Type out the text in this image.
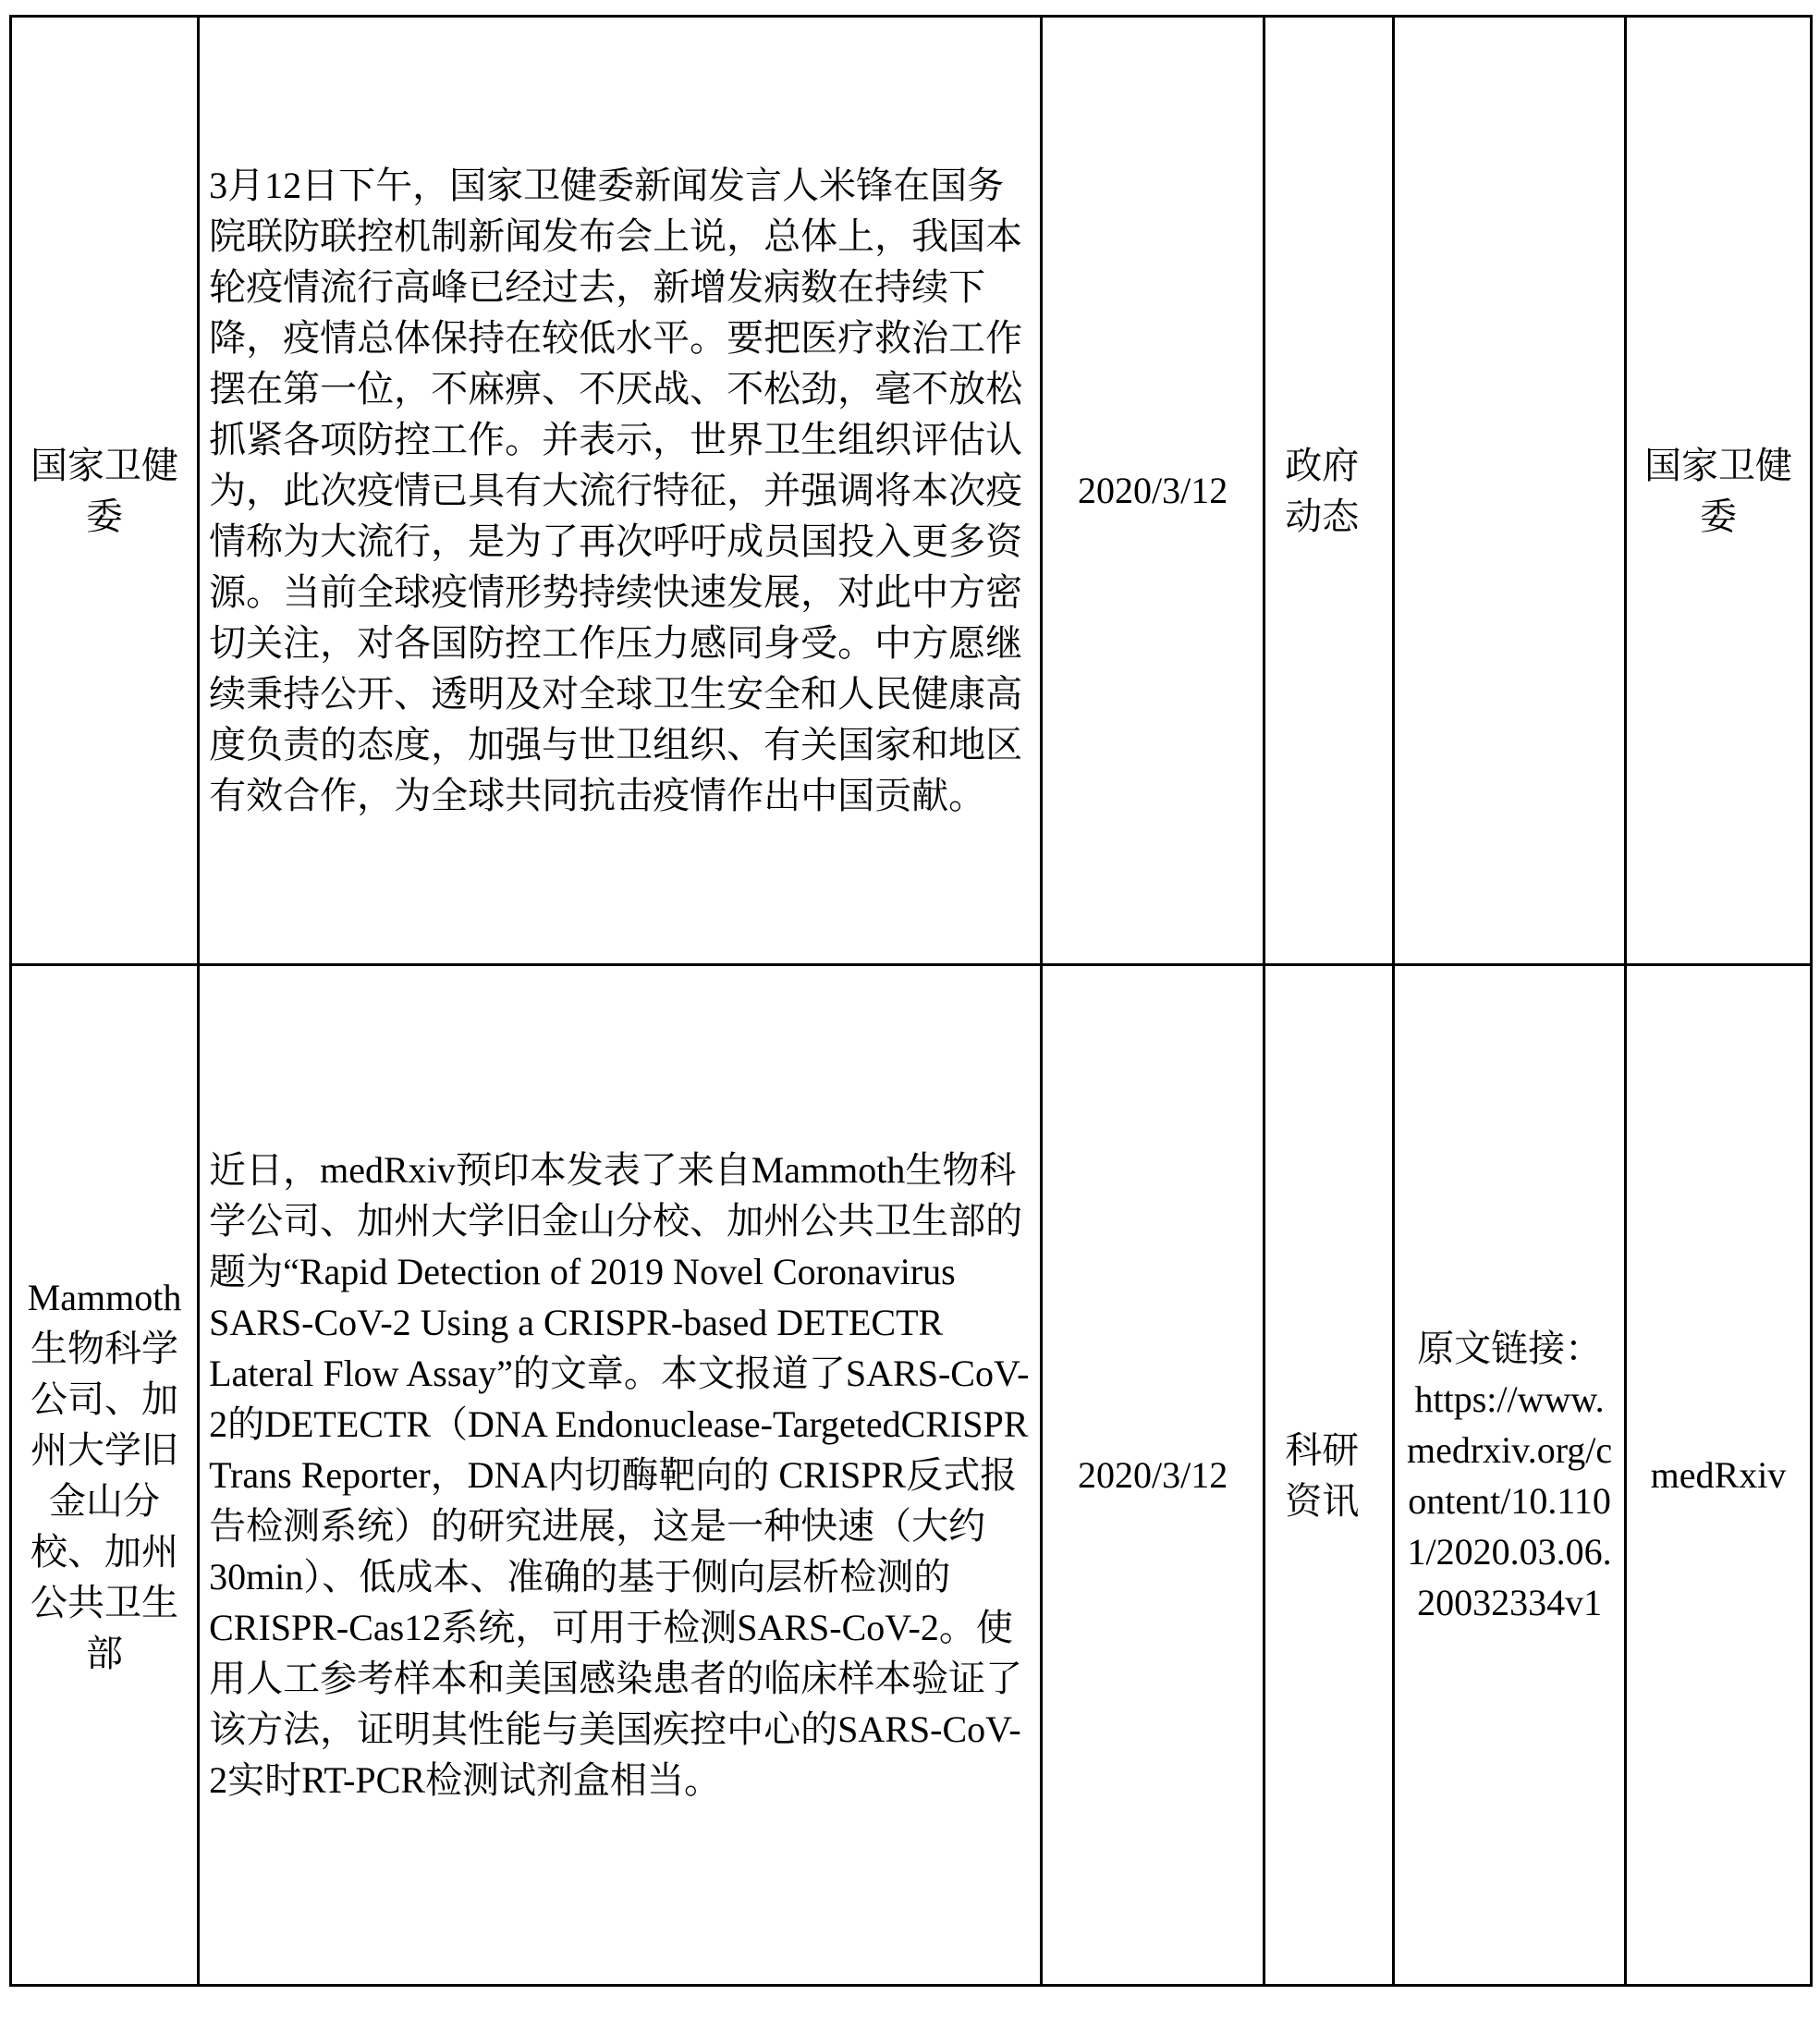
国家卫健委	3月12日下午，国家卫健委新闻发言人米锋在国务院联防联控机制新闻发布会上说，总体上，我国本轮疫情流行高峰已经过去，新增发病数在持续下降，疫情总体保持在较低水平。要把医疗救治工作摆在第一位，不麻痹、不厌战、不松劲，毫不放松抓紧各项防控工作。并表示，世界卫生组织评估认为，此次疫情已具有大流行特征，并强调将本次疫情称为大流行，是为了再次呼吁成员国投入更多资源。当前全球疫情形势持续快速发展，对此中方密切关注，对各国防控工作压力感同身受。中方愿继续秉持公开、透明及对全球卫生安全和人民健康高度负责的态度，加强与世卫组织、有关国家和地区有效合作，为全球共同抗击疫情作出中国贡献。	2020/3/12	政府动态		国家卫健委

Mammoth生物科学公司、加州大学旧金山分校、加州公共卫生部	近日，medRxiv预印本发表了来自Mammoth生物科学公司、加州大学旧金山分校、加州公共卫生部的题为“Rapid Detection of 2019 Novel Coronavirus SARS-CoV-2 Using a CRISPR-based DETECTR Lateral Flow Assay”的文章。本文报道了SARS-CoV-2的DETECTR（DNA Endonuclease-TargetedCRISPR Trans Reporter，DNA内切酶靶向的 CRISPR反式报告检测系统）的研究进展，这是一种快速（大约30min）、低成本、准确的基于侧向层析检测的CRISPR-Cas12系统，可用于检测SARS-CoV-2。使用人工参考样本和美国感染患者的临床样本验证了该方法，证明其性能与美国疾控中心的SARS-CoV-2实时RT-PCR检测试剂盒相当。	2020/3/12	科研资讯	原文链接：
https://www.medrxiv.org/content/10.1101/2020.03.06.20032334v1	medRxiv
